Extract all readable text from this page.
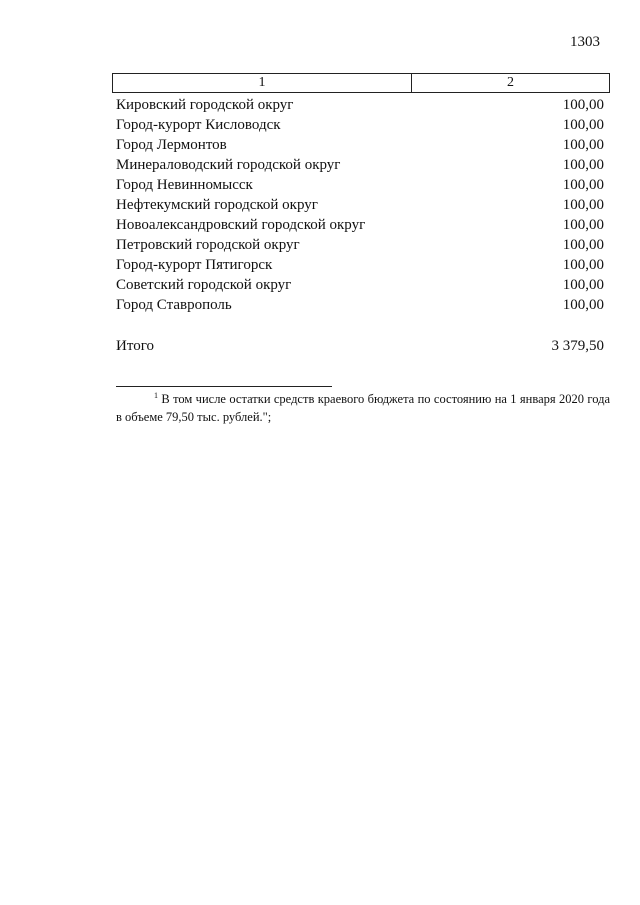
1303
1	2
Кировский городской округ	100,00
Город-курорт Кисловодск	100,00
Город Лермонтов	100,00
Минераловодский городской округ	100,00
Город Невинномысск	100,00
Нефтекумский городской округ	100,00
Новоалександровский городской округ	100,00
Петровский городской округ	100,00
Город-курорт Пятигорск	100,00
Советский городской округ	100,00
Город Ставрополь	100,00
Итого	3 379,50
$^1$ В том числе остатки средств краевого бюджета по состоянию на 1 января 2020 года в объеме 79,50 тыс. рублей.";
